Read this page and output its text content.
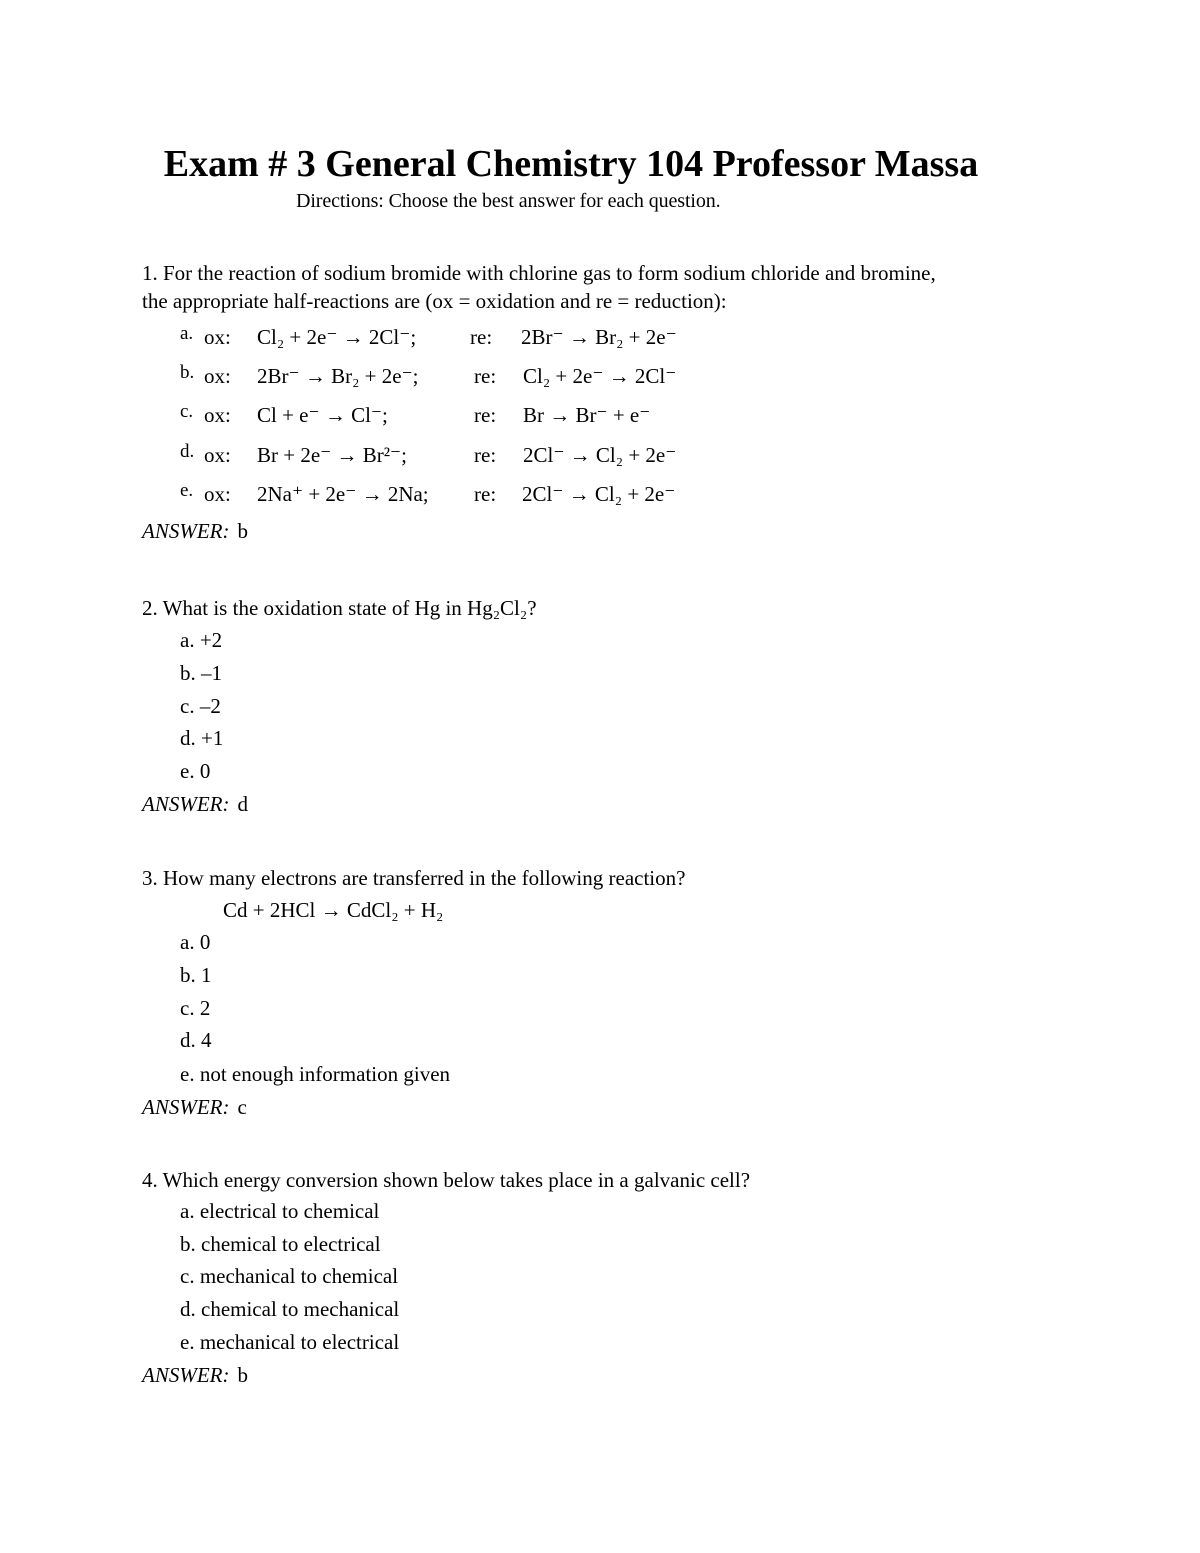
Exam # 3 General Chemistry 104 Professor Massa
Directions: Choose the best answer for each question.
1. For the reaction of sodium bromide with chlorine gas to form sodium chloride and bromine,
the appropriate half-reactions are (ox = oxidation and re = reduction):
a. ox: Cl₂ + 2e⁻ → 2Cl⁻;	re: 2Br⁻ → Br₂ + 2e⁻
b. ox: 2Br⁻ → Br₂ + 2e⁻;	re: Cl₂ + 2e⁻ → 2Cl⁻
c. ox: Cl + e⁻ → Cl⁻;	re: Br → Br⁻ + e⁻
d. ox: Br + 2e⁻ → Br²⁻;	re: 2Cl⁻ → Cl₂ + 2e⁻
e. ox: 2Na⁺ + 2e⁻ → 2Na; re: 2Cl⁻ → Cl₂ + 2e⁻
ANSWER: b
2. What is the oxidation state of Hg in Hg₂Cl₂?
a. +2
b. –1
c. –2
d. +1
e. 0
ANSWER: d
3. How many electrons are transferred in the following reaction?
Cd + 2HCl → CdCl₂ + H₂
a. 0
b. 1
c. 2
d. 4
e. not enough information given
ANSWER: c
4. Which energy conversion shown below takes place in a galvanic cell?
a. electrical to chemical
b. chemical to electrical
c. mechanical to chemical
d. chemical to mechanical
e. mechanical to electrical
ANSWER: b
